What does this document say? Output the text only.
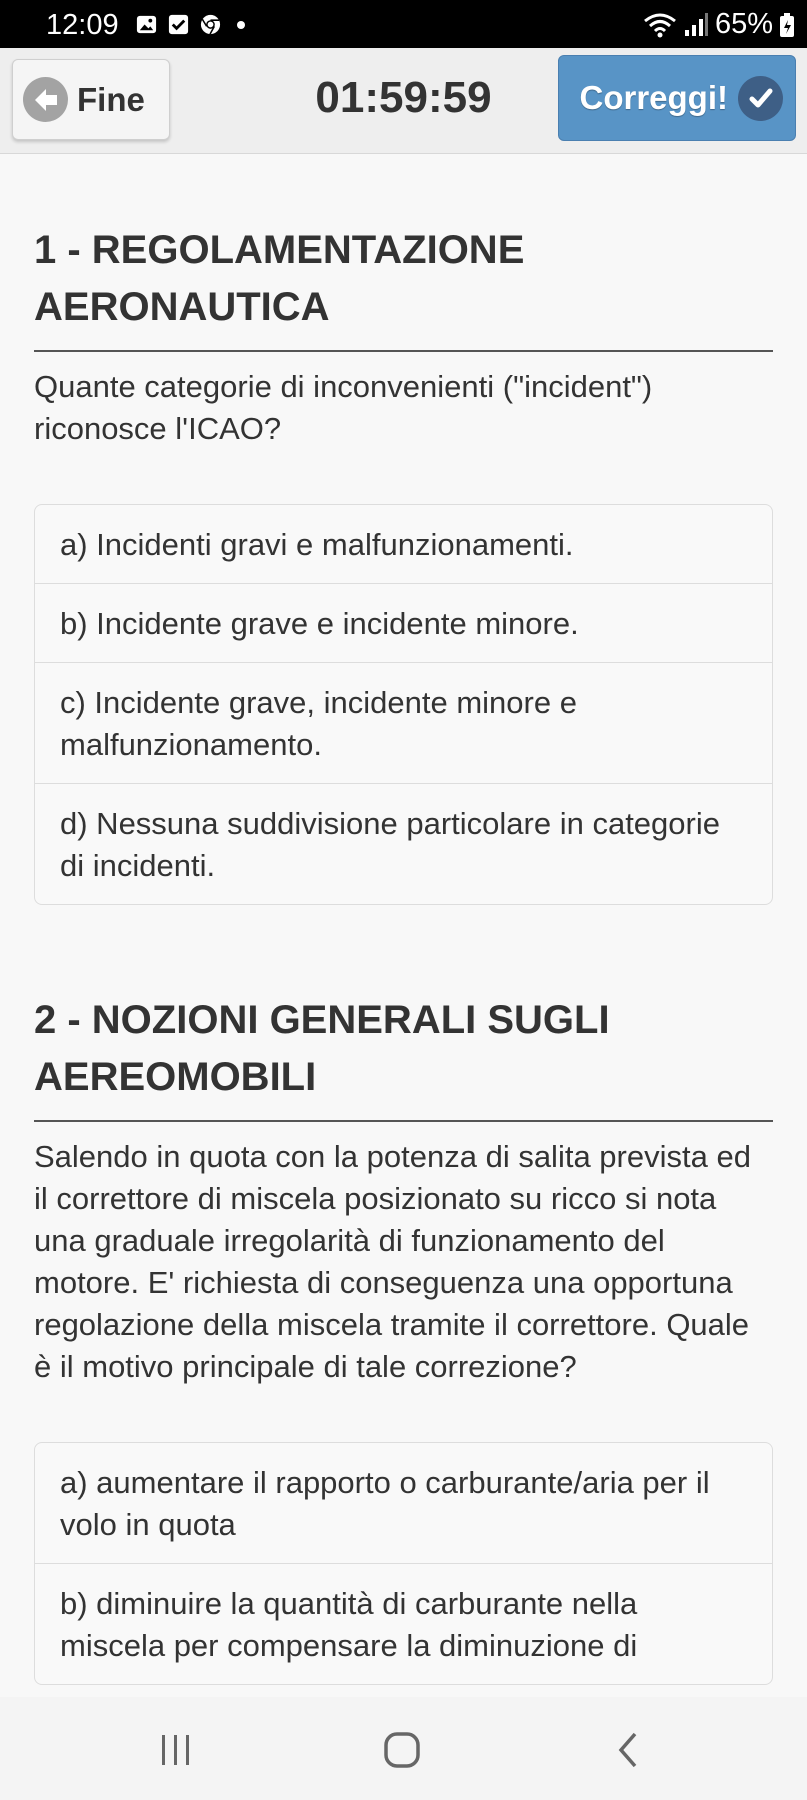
12:09	65%
Fine	01:59:59	Correggi!
1 - REGOLAMENTAZIONE AERONAUTICA

Quante categorie di inconvenienti ("incident") riconosce l'ICAO?

a) Incidenti gravi e malfunzionamenti.
b) Incidente grave e incidente minore.
c) Incidente grave, incidente minore e malfunzionamento.
d) Nessuna suddivisione particolare in categorie di incidenti.
2 - NOZIONI GENERALI SUGLI AEREOMOBILI

Salendo in quota con la potenza di salita prevista ed il correttore di miscela posizionato su ricco si nota una graduale irregolarità di funzionamento del motore. E' richiesta di conseguenza una opportuna regolazione della miscela tramite il correttore. Quale è il motivo principale di tale correzione?

a) aumentare il rapporto o carburante/aria per il volo in quota
b) diminuire la quantità di carburante nella miscela per compensare la diminuzione di
